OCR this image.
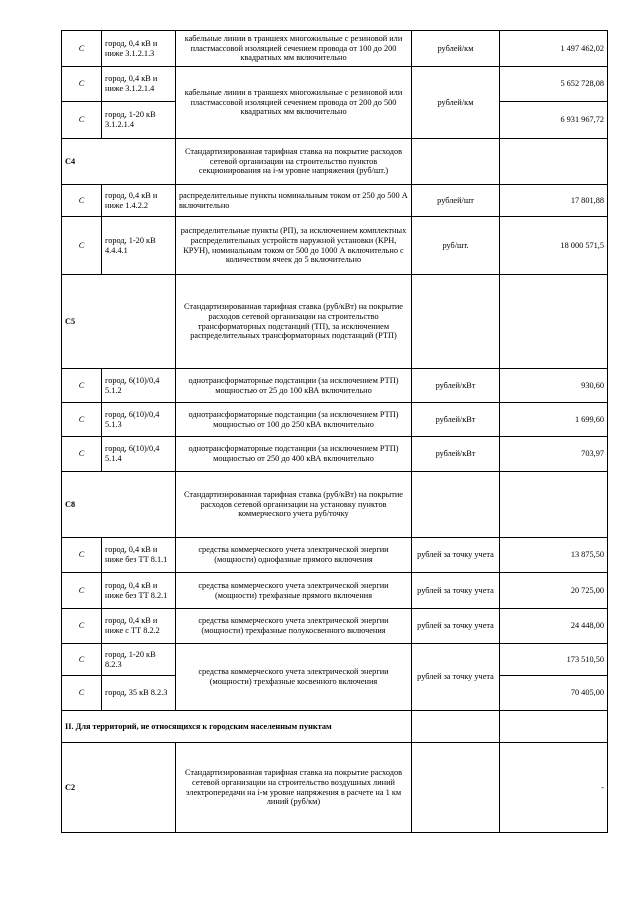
С	город, 0,4 кВ и ниже 3.1.2.1.3	кабельные линии в траншеях многожильные с резиновой или пластмассовой изоляцией сечением провода от 100 до 200 квадратных мм включительно	рублей/км	1 497 462,02
С	город, 0,4 кВ и ниже 3.1.2.1.4	кабельные линии в траншеях многожильные с резиновой или пластмассовой изоляцией сечением провода от 200 до 500 квадратных мм включительно	рублей/км	5 652 728,08
С	город, 1-20 кВ 3.1.2.1.4			6 931 967,72
С4		Стандартизированная тарифная ставка на покрытие расходов сетевой организации на строительство пунктов секционирования на i-м уровне напряжения (руб/шт.)		
С	город, 0,4 кВ и ниже 1.4.2.2	распределительные пункты номинальным током от 250 до 500 А включительно	рублей/шт	17 801,88
С	город, 1-20 кВ 4.4.4.1	распределительные пункты (РП), за исключением комплектных распределительных устройств наружной установки (КРН, КРУН), номинальным током от 500 до 1000 А включительно с количеством ячеек до 5 включительно	руб/шт.	18 000 571,5
С5		Стандартизированная тарифная ставка (руб/кВт) на покрытие расходов сетевой организации на строительство трансформаторных подстанций (ТП), за исключением распределительных трансформаторных подстанций (РТП)		
С	город, 6(10)/0,4 5.1.2	однотрансформаторные подстанции (за исключением РТП) мощностью от 25 до 100 кВА включительно	рублей/кВт	930,60
С	город, 6(10)/0,4 5.1.3	однотрансформаторные подстанции (за исключением РТП) мощностью от 100 до 250 кВА включительно	рублей/кВт	1 699,60
С	город, 6(10)/0,4 5.1.4	однотрансформаторные подстанции (за исключением РТП) мощностью от 250 до 400 кВА включительно	рублей/кВт	703,97
С8		Стандартизированная тарифная ставка (руб/кВт) на покрытие расходов сетевой организации на установку пунктов коммерческого учета руб/точку		
С	город, 0,4 кВ и ниже без ТТ 8.1.1	средства коммерческого учета электрической энергии (мощности) однофазные прямого включения	рублей за точку учета	13 875,50
С	город, 0,4 кВ и ниже без ТТ 8.2.1	средства коммерческого учета электрической энергии (мощности) трехфазные прямого включения	рублей за точку учета	20 725,00
С	город, 0,4 кВ и ниже с ТТ 8.2.2	средства коммерческого учета электрической энергии (мощности) трехфазные полукосвенного включения	рублей за точку учета	24 448,00
С	город, 1-20 кВ 8.2.3	средства коммерческого учета электрической энергии (мощности) трехфазные косвенного включения	рублей за точку учета	173 510,50
С	город, 35 кВ 8.2.3			70 405,00
II. Для территорий, не относящихся к городским населенным пунктам				
С2		Стандартизированная тарифная ставка на покрытие расходов сетевой организации на строительство воздушных линий электропередачи на i-м уровне напряжения в расчете на 1 км линий (руб/км)		-
